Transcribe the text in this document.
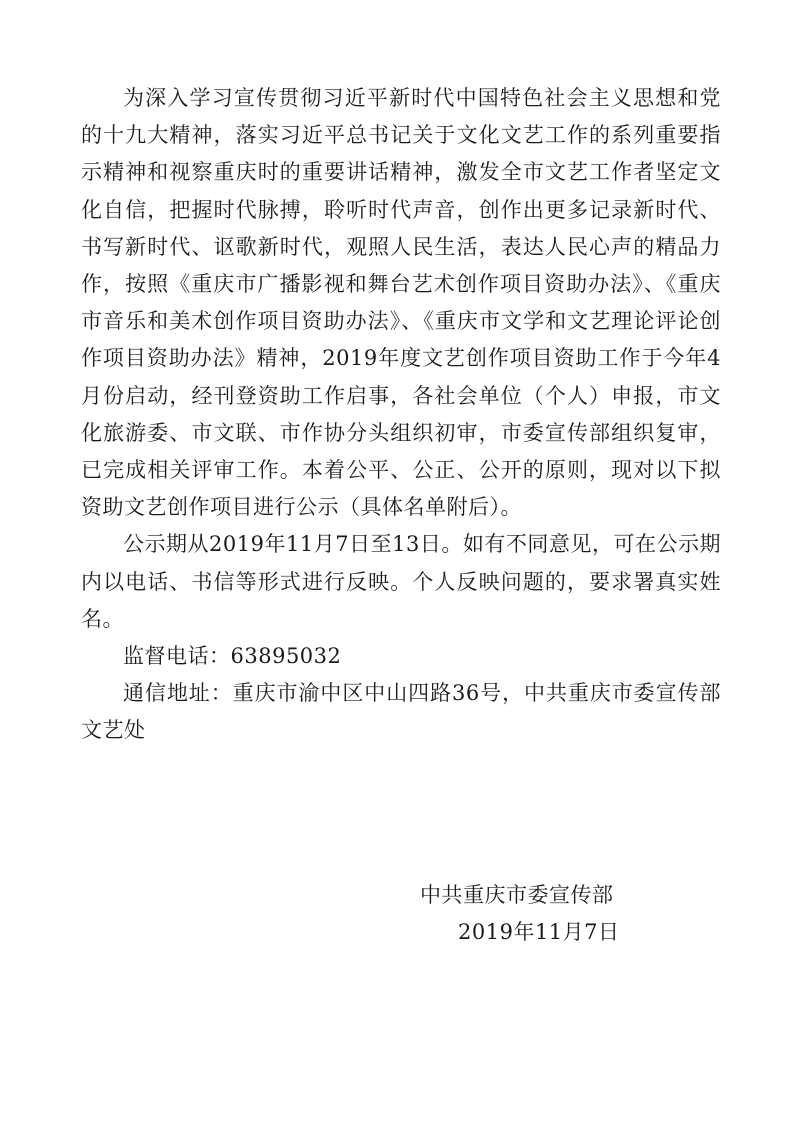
为深入学习宣传贯彻习近平新时代中国特色社会主义思想和党的十九大精神，落实习近平总书记关于文化文艺工作的系列重要指示精神和视察重庆时的重要讲话精神，激发全市文艺工作者坚定文化自信，把握时代脉搏，聆听时代声音，创作出更多记录新时代、书写新时代、讴歌新时代，观照人民生活，表达人民心声的精品力作，按照《重庆市广播影视和舞台艺术创作项目资助办法》、《重庆市音乐和美术创作项目资助办法》、《重庆市文学和文艺理论评论创作项目资助办法》精神，2019年度文艺创作项目资助工作于今年4月份启动，经刊登资助工作启事，各社会单位（个人）申报，市文化旅游委、市文联、市作协分头组织初审，市委宣传部组织复审，已完成相关评审工作。本着公平、公正、公开的原则，现对以下拟资助文艺创作项目进行公示（具体名单附后）。

公示期从2019年11月7日至13日。如有不同意见，可在公示期内以电话、书信等形式进行反映。个人反映问题的，要求署真实姓名。

监督电话：63895032

通信地址：重庆市渝中区中山四路36号，中共重庆市委宣传部文艺处

中共重庆市委宣传部
2019年11月7日
